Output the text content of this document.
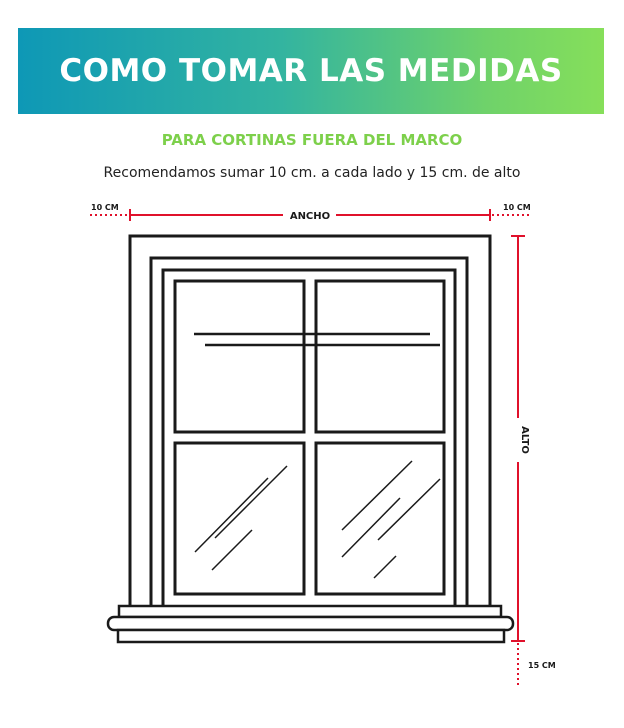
COMO TOMAR LAS MEDIDAS
PARA CORTINAS FUERA DEL MARCO
Recomendamos sumar 10 cm. a cada lado y 15 cm. de alto
10 CM
ANCHO
10 CM
ALTO
15 CM
